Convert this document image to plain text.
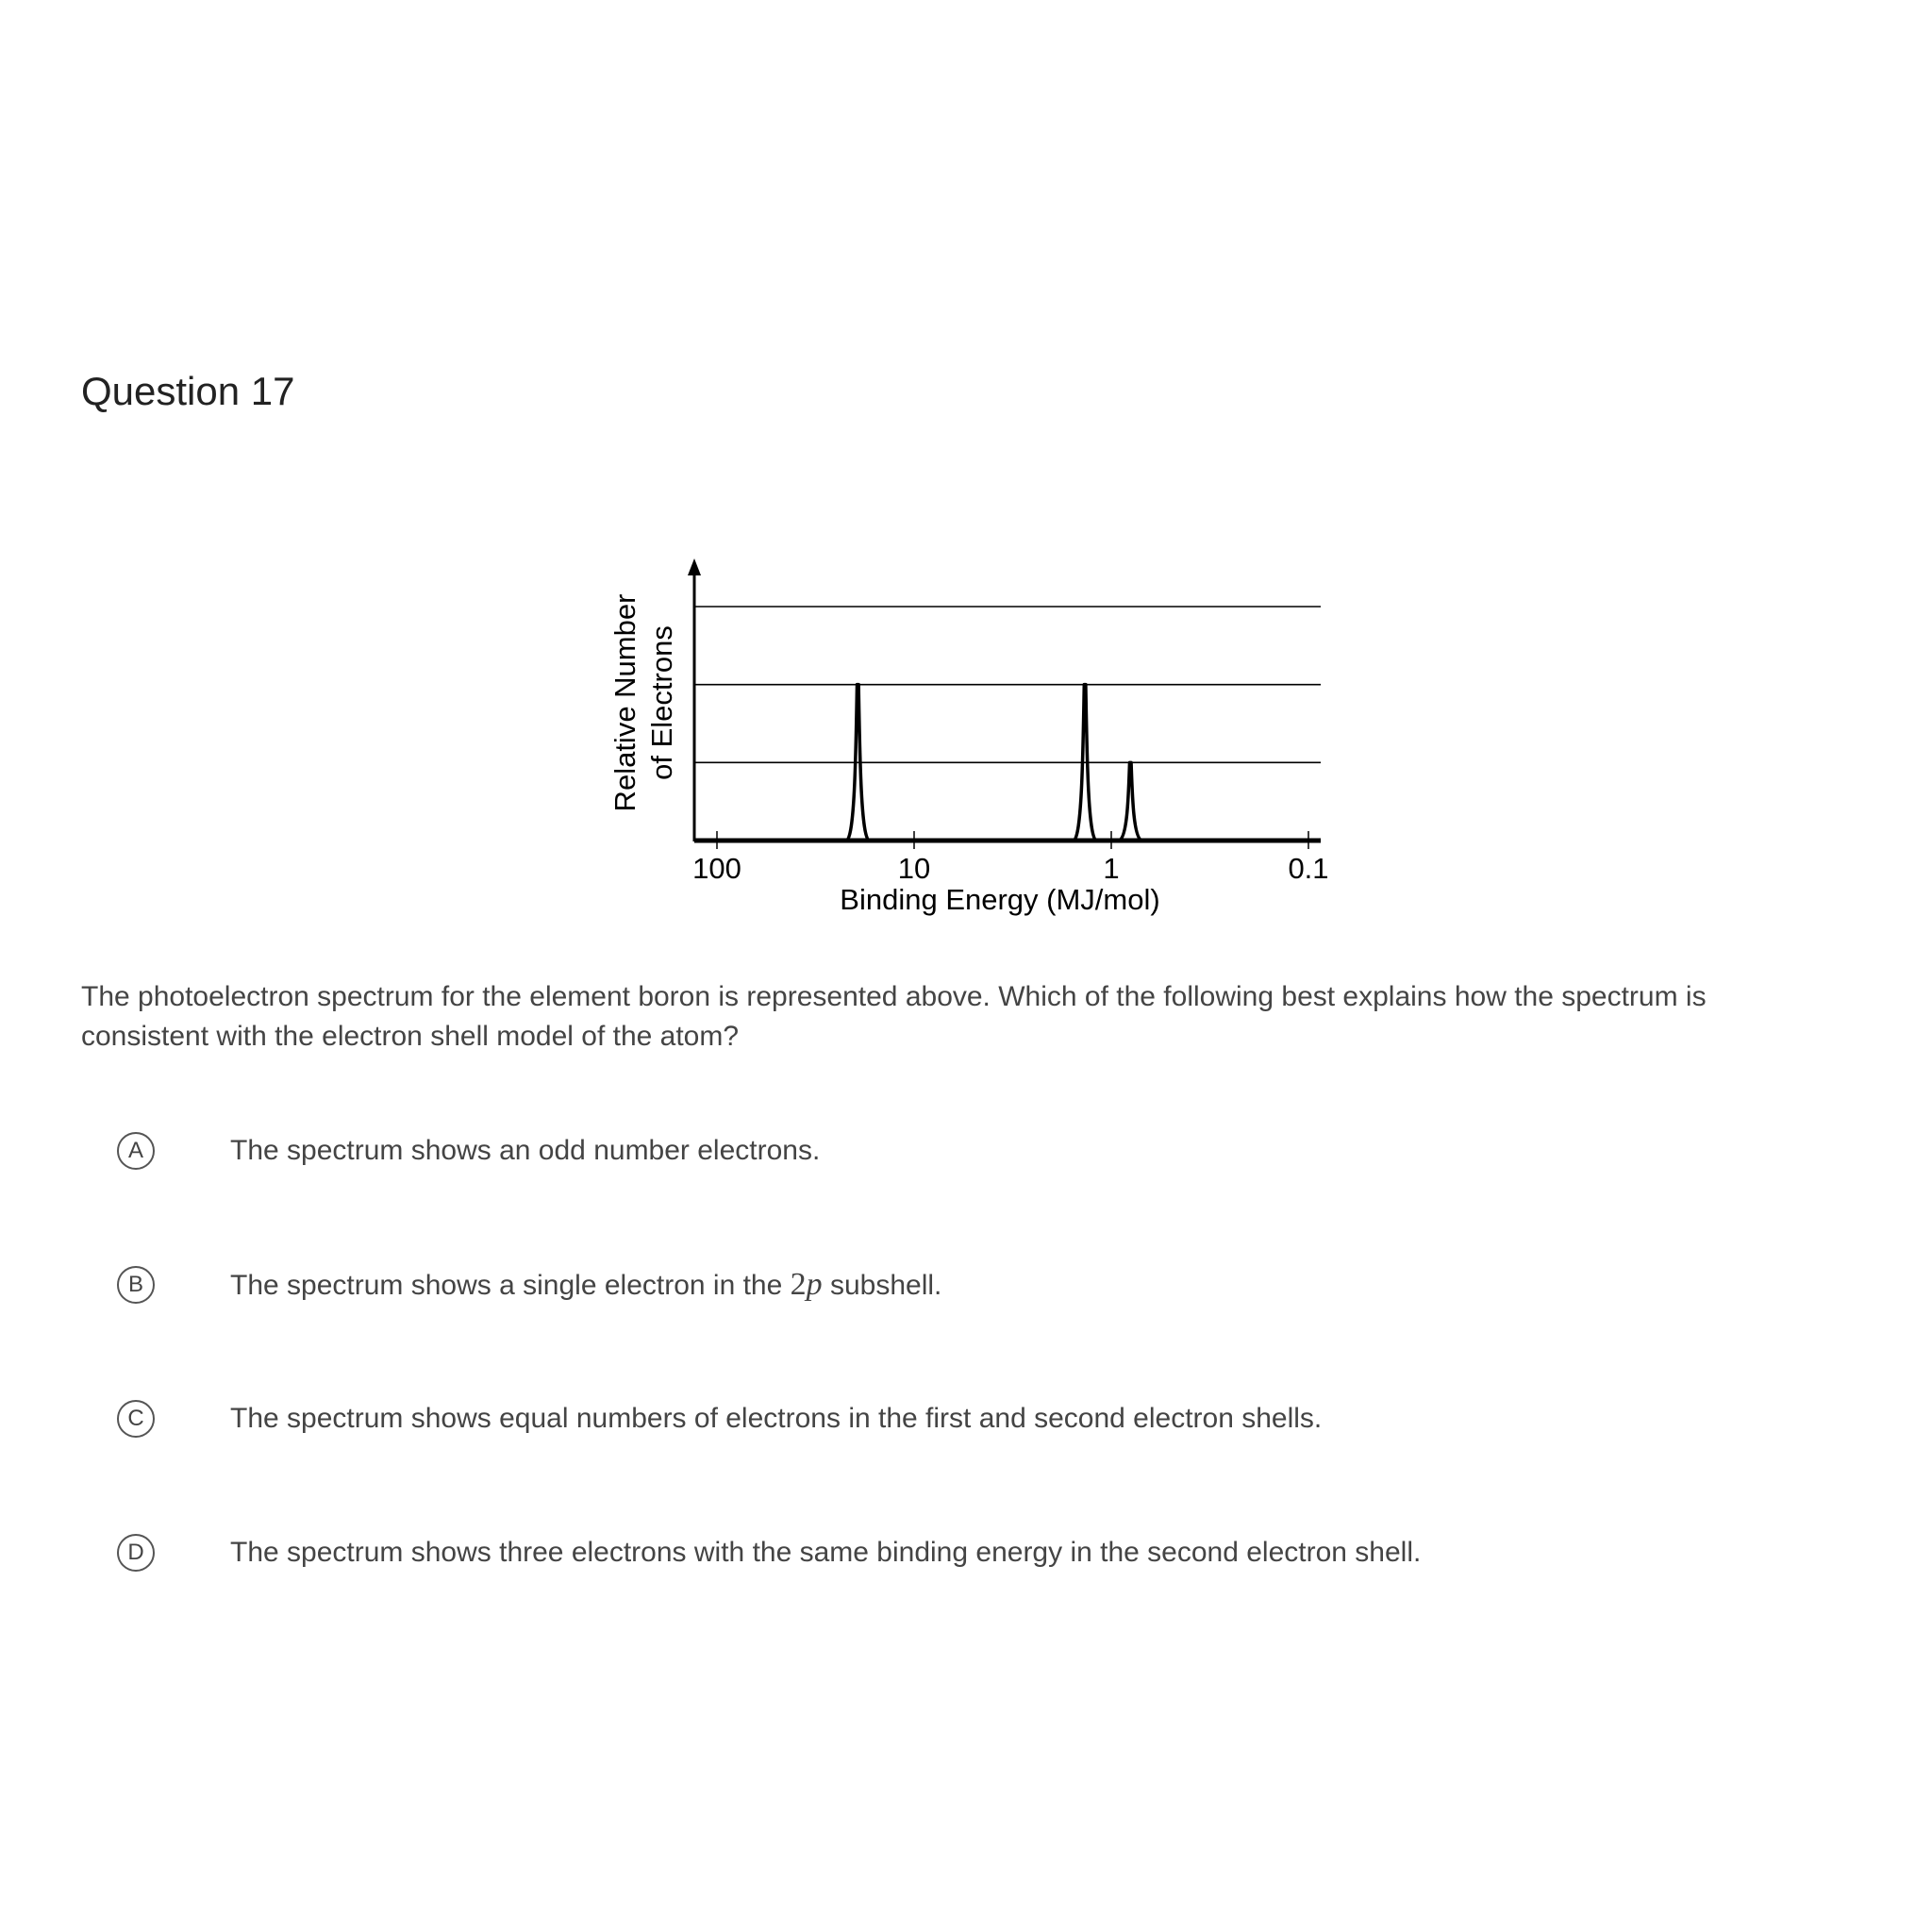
Question 17
100	10	1	0.1
Relative Number of Electrons
Binding Energy (MJ/mol)

The photoelectron spectrum for the element boron is represented above. Which of the following best explains how the spectrum is consistent with the electron shell model of the atom?

A	The spectrum shows an odd number electrons.
B	The spectrum shows a single electron in the 2p subshell.
C	The spectrum shows equal numbers of electrons in the first and second electron shells.
D	The spectrum shows three electrons with the same binding energy in the second electron shell.
